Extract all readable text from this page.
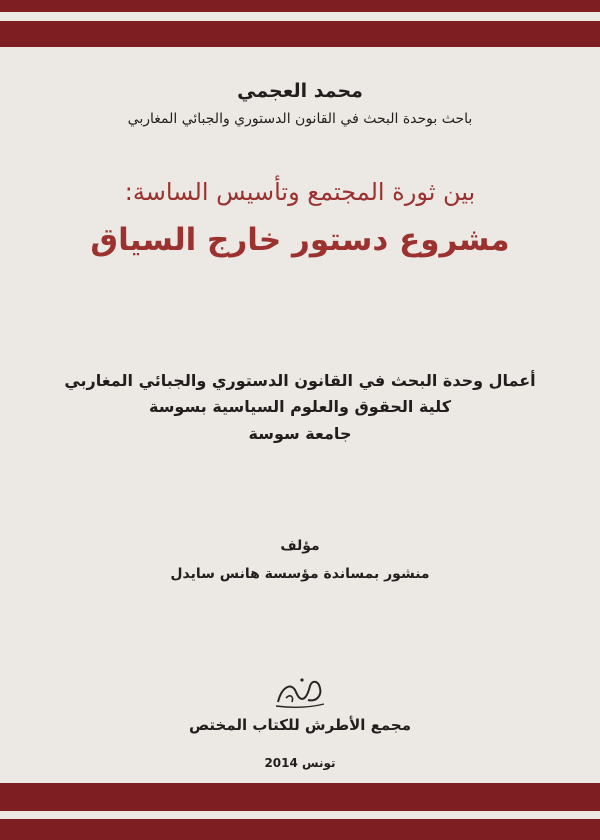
محمد العجمي
باحث بوحدة البحث في القانون الدستوري والجبائي المغاربي
بين ثورة المجتمع وتأسيس الساسة:
مشروع دستور خارج السياق
أعمال وحدة البحث في القانون الدستوري والجبائي المغاربي
كلية الحقوق والعلوم السياسية بسوسة
جامعة سوسة
مؤلف
منشور بمساندة مؤسسة هانس سايدل
مجمع الأطرش للكتاب المختص
تونس 2014
